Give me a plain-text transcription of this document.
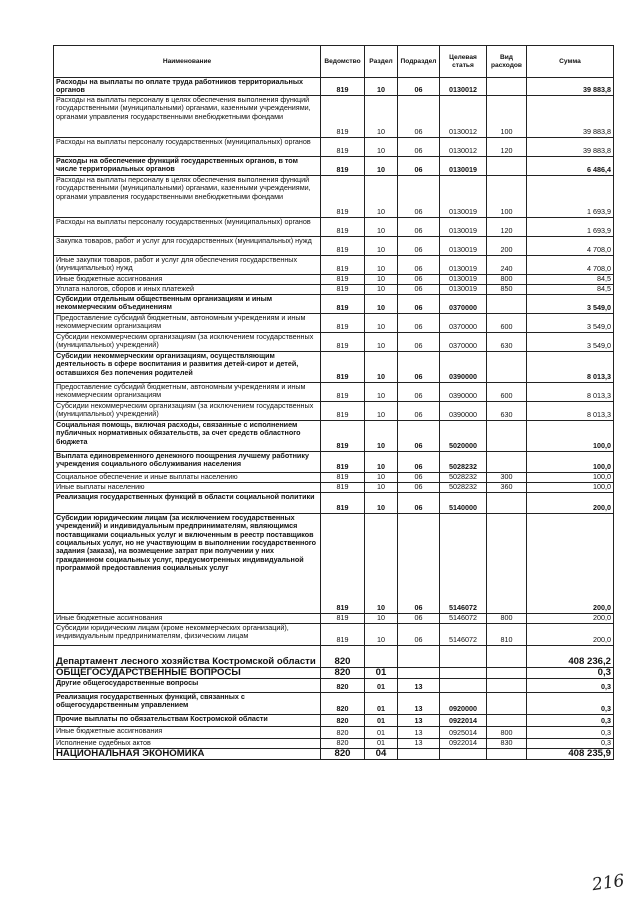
Наименование	Ведомство	Раздел	Подраздел	Целевая статья	Вид расходов	Сумма
Расходы на выплаты по оплате труда работников территориальных органов	819	10	06	0130012		39 883,8
Расходы на выплаты персоналу в целях обеспечения выполнения функций государственными (муниципальными) органами, казенными учреждениями, органами управления государственными внебюджетными фондами	819	10	06	0130012	100	39 883,8
Расходы на выплаты персоналу государственных (муниципальных) органов	819	10	06	0130012	120	39 883,8
Расходы на обеспечение функций государственных органов, в том числе территориальных органов	819	10	06	0130019		6 486,4
Расходы на выплаты персоналу в целях обеспечения выполнения функций государственными (муниципальными) органами, казенными учреждениями, органами управления государственными внебюджетными фондами	819	10	06	0130019	100	1 693,9
Расходы на выплаты персоналу государственных (муниципальных) органов	819	10	06	0130019	120	1 693,9
Закупка товаров, работ и услуг для государственных (муниципальных) нужд	819	10	06	0130019	200	4 708,0
Иные закупки товаров, работ и услуг для обеспечения государственных (муниципальных) нужд	819	10	06	0130019	240	4 708,0
Иные бюджетные ассигнования	819	10	06	0130019	800	84,5
Уплата налогов, сборов и иных платежей	819	10	06	0130019	850	84,5
Субсидии отдельным общественным организациям и иным некоммерческим объединениям	819	10	06	0370000		3 549,0
Предоставление субсидий бюджетным, автономным учреждениям и иным некоммерческим организациям	819	10	06	0370000	600	3 549,0
Субсидии некоммерческим организациям (за исключением государственных (муниципальных) учреждений)	819	10	06	0370000	630	3 549,0
Субсидии некоммерческим организациям, осуществляющим деятельность в сфере воспитания и развития детей-сирот и детей, оставшихся без попечения родителей	819	10	06	0390000		8 013,3
Предоставление субсидий бюджетным, автономным учреждениям и иным некоммерческим организациям	819	10	06	0390000	600	8 013,3
Субсидии некоммерческим организациям (за исключением государственных (муниципальных) учреждений)	819	10	06	0390000	630	8 013,3
Социальная помощь, включая расходы, связанные с исполнением публичных нормативных обязательств, за счет средств областного бюджета	819	10	06	5020000		100,0
Выплата единовременного денежного поощрения лучшему работнику учреждения социального обслуживания населения	819	10	06	5028232		100,0
Социальное обеспечение и иные выплаты населению	819	10	06	5028232	300	100,0
Иные выплаты населению	819	10	06	5028232	360	100,0
Реализация государственных функций в области социальной политики	819	10	06	5140000		200,0
Субсидии юридическим лицам (за исключением государственных учреждений) и индивидуальным предпринимателям, являющимся поставщиками социальных услуг и включенным в реестр поставщиков социальных услуг, но не участвующим в выполнении государственного задания (заказа), на возмещение затрат при получении у них гражданином социальных услуг, предусмотренных индивидуальной программой предоставления социальных услуг	819	10	06	5146072		200,0
Иные бюджетные ассигнования	819	10	06	5146072	800	200,0
Субсидии юридическим лицам (кроме некоммерческих организаций), индивидуальным предпринимателям, физическим лицам	819	10	06	5146072	810	200,0
Департамент лесного хозяйства Костромской области	820					408 236,2
ОБЩЕГОСУДАРСТВЕННЫЕ ВОПРОСЫ	820	01				0,3
Другие общегосударственные вопросы	820	01	13			0,3
Реализация государственных функций, связанных с общегосударственным управлением	820	01	13	0920000		0,3
Прочие выплаты по обязательствам Костромской области	820	01	13	0922014		0,3
Иные бюджетные ассигнования	820	01	13	0925014	800	0,3
Исполнение судебных актов	820	01	13	0922014	830	0,3
НАЦИОНАЛЬНАЯ ЭКОНОМИКА	820	04				408 235,9
216
